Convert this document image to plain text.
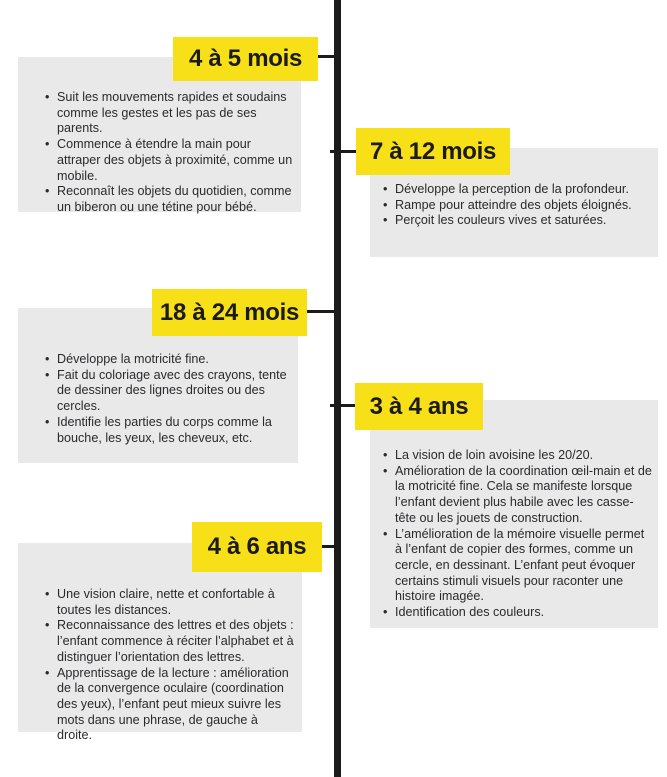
• Suit les mouvements rapides et soudains comme les gestes et les pas de ses parents.
• Commence à étendre la main pour attraper des objets à proximité, comme un mobile.
• Reconnaît les objets du quotidien, comme un biberon ou une tétine pour bébé.
4 à 5 mois
• Développe la perception de la profondeur.
• Rampe pour atteindre des objets éloignés.
• Perçoit les couleurs vives et saturées.
7 à 12 mois
• Développe la motricité fine.
• Fait du coloriage avec des crayons, tente de dessiner des lignes droites ou des cercles.
• Identifie les parties du corps comme la bouche, les yeux, les cheveux, etc.
18 à 24 mois
• La vision de loin avoisine les 20/20.
• Amélioration de la coordination œil-main et de la motricité fine. Cela se manifeste lorsque l’enfant devient plus habile avec les casse-tête ou les jouets de construction.
• L’amélioration de la mémoire visuelle permet à l’enfant de copier des formes, comme un cercle, en dessinant. L’enfant peut évoquer certains stimuli visuels pour raconter une histoire imagée.
• Identification des couleurs.
3 à 4 ans
• Une vision claire, nette et confortable à toutes les distances.
• Reconnaissance des lettres et des objets : l’enfant commence à réciter l’alphabet et à distinguer l’orientation des lettres.
• Apprentissage de la lecture : amélioration de la convergence oculaire (coordination des yeux), l’enfant peut mieux suivre les mots dans une phrase, de gauche à droite.
4 à 6 ans
